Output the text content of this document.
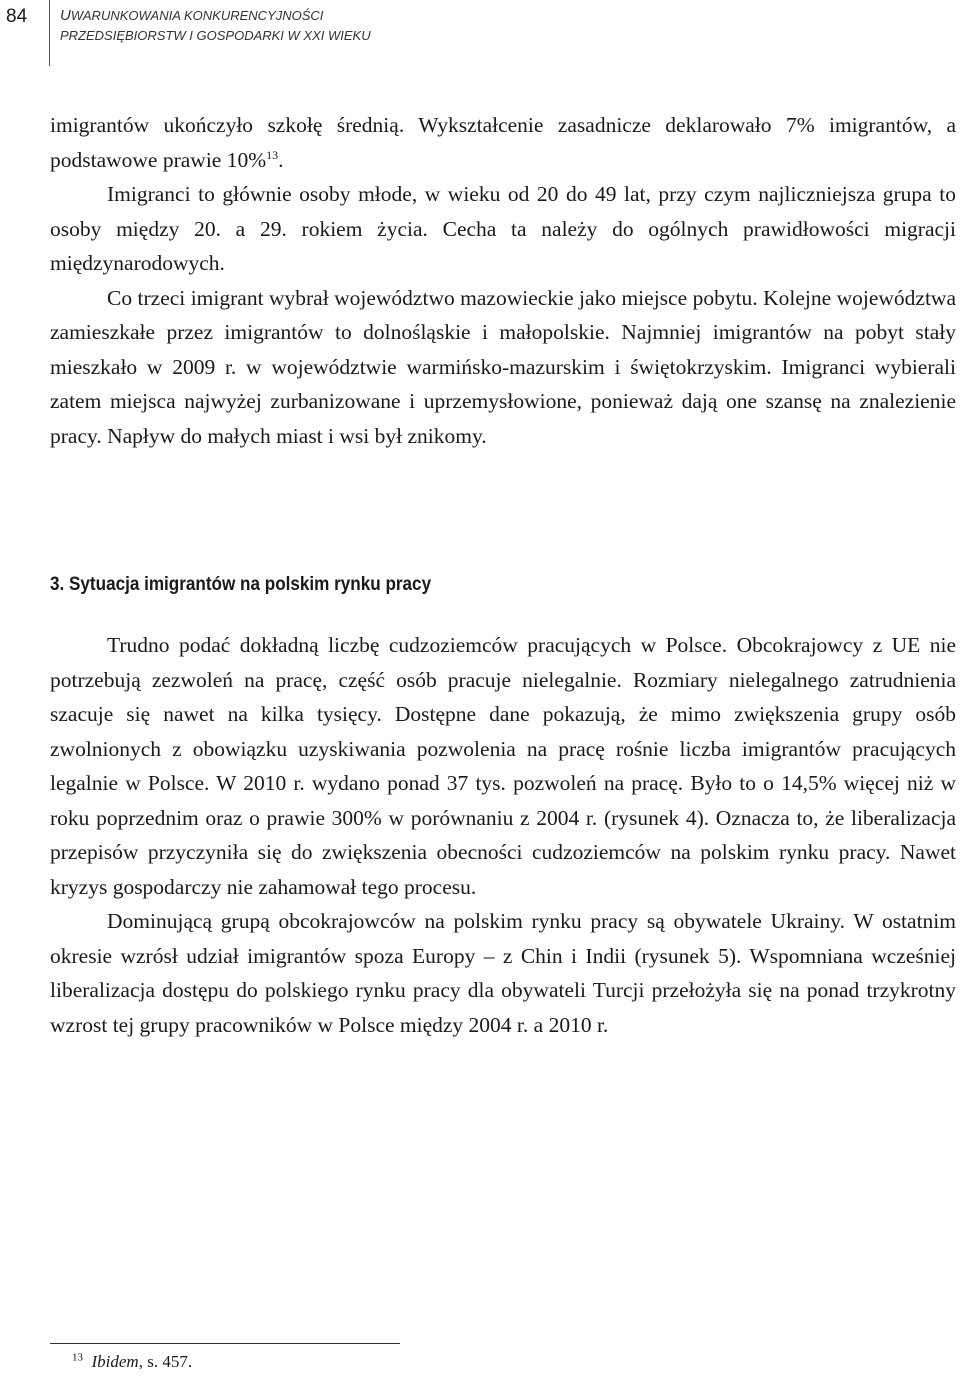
84 UWARUNKOWANIA KONKURENCYJNOŚCI
PRZEDSIĘBIORSTW I GOSPODARKI W XXI WIEKU

imigrantów ukończyło szkołę średnią. Wykształcenie zasadnicze deklarowało 7% imigrantów, a podstawowe prawie 10%$^{13}$.

Imigranci to głównie osoby młode, w wieku od 20 do 49 lat, przy czym najliczniejsza grupa to osoby między 20. a 29. rokiem życia. Cecha ta należy do ogólnych prawidłowości migracji międzynarodowych.

Co trzeci imigrant wybrał województwo mazowieckie jako miejsce pobytu. Kolejne województwa zamieszkałe przez imigrantów to dolnośląskie i małopolskie. Najmniej imigrantów na pobyt stały mieszkało w 2009 r. w województwie warmińsko-mazurskim i świętokrzyskim. Imigranci wybierali zatem miejsca najwyżej zurbanizowane i uprzemysłowione, ponieważ dają one szansę na znalezienie pracy. Napływ do małych miast i wsi był znikomy.

3. Sytuacja imigrantów na polskim rynku pracy

Trudno podać dokładną liczbę cudzoziemców pracujących w Polsce. Obcokrajowcy z UE nie potrzebują zezwoleń na pracę, część osób pracuje nielegalnie. Rozmiary nielegalnego zatrudnienia szacuje się nawet na kilka tysięcy. Dostępne dane pokazują, że mimo zwiększenia grupy osób zwolnionych z obowiązku uzyskiwania pozwolenia na pracę rośnie liczba imigrantów pracujących legalnie w Polsce. W 2010 r. wydano ponad 37 tys. pozwoleń na pracę. Było to o 14,5% więcej niż w roku poprzednim oraz o prawie 300% w porównaniu z 2004 r. (rysunek 4). Oznacza to, że liberalizacja przepisów przyczyniła się do zwiększenia obecności cudzoziemców na polskim rynku pracy. Nawet kryzys gospodarczy nie zahamował tego procesu.

Dominującą grupą obcokrajowców na polskim rynku pracy są obywatele Ukrainy. W ostatnim okresie wzrósł udział imigrantów spoza Europy – z Chin i Indii (rysunek 5). Wspomniana wcześniej liberalizacja dostępu do polskiego rynku pracy dla obywateli Turcji przełożyła się na ponad trzykrotny wzrost tej grupy pracowników w Polsce między 2004 r. a 2010 r.

$^{13}$ Ibidem, s. 457.
